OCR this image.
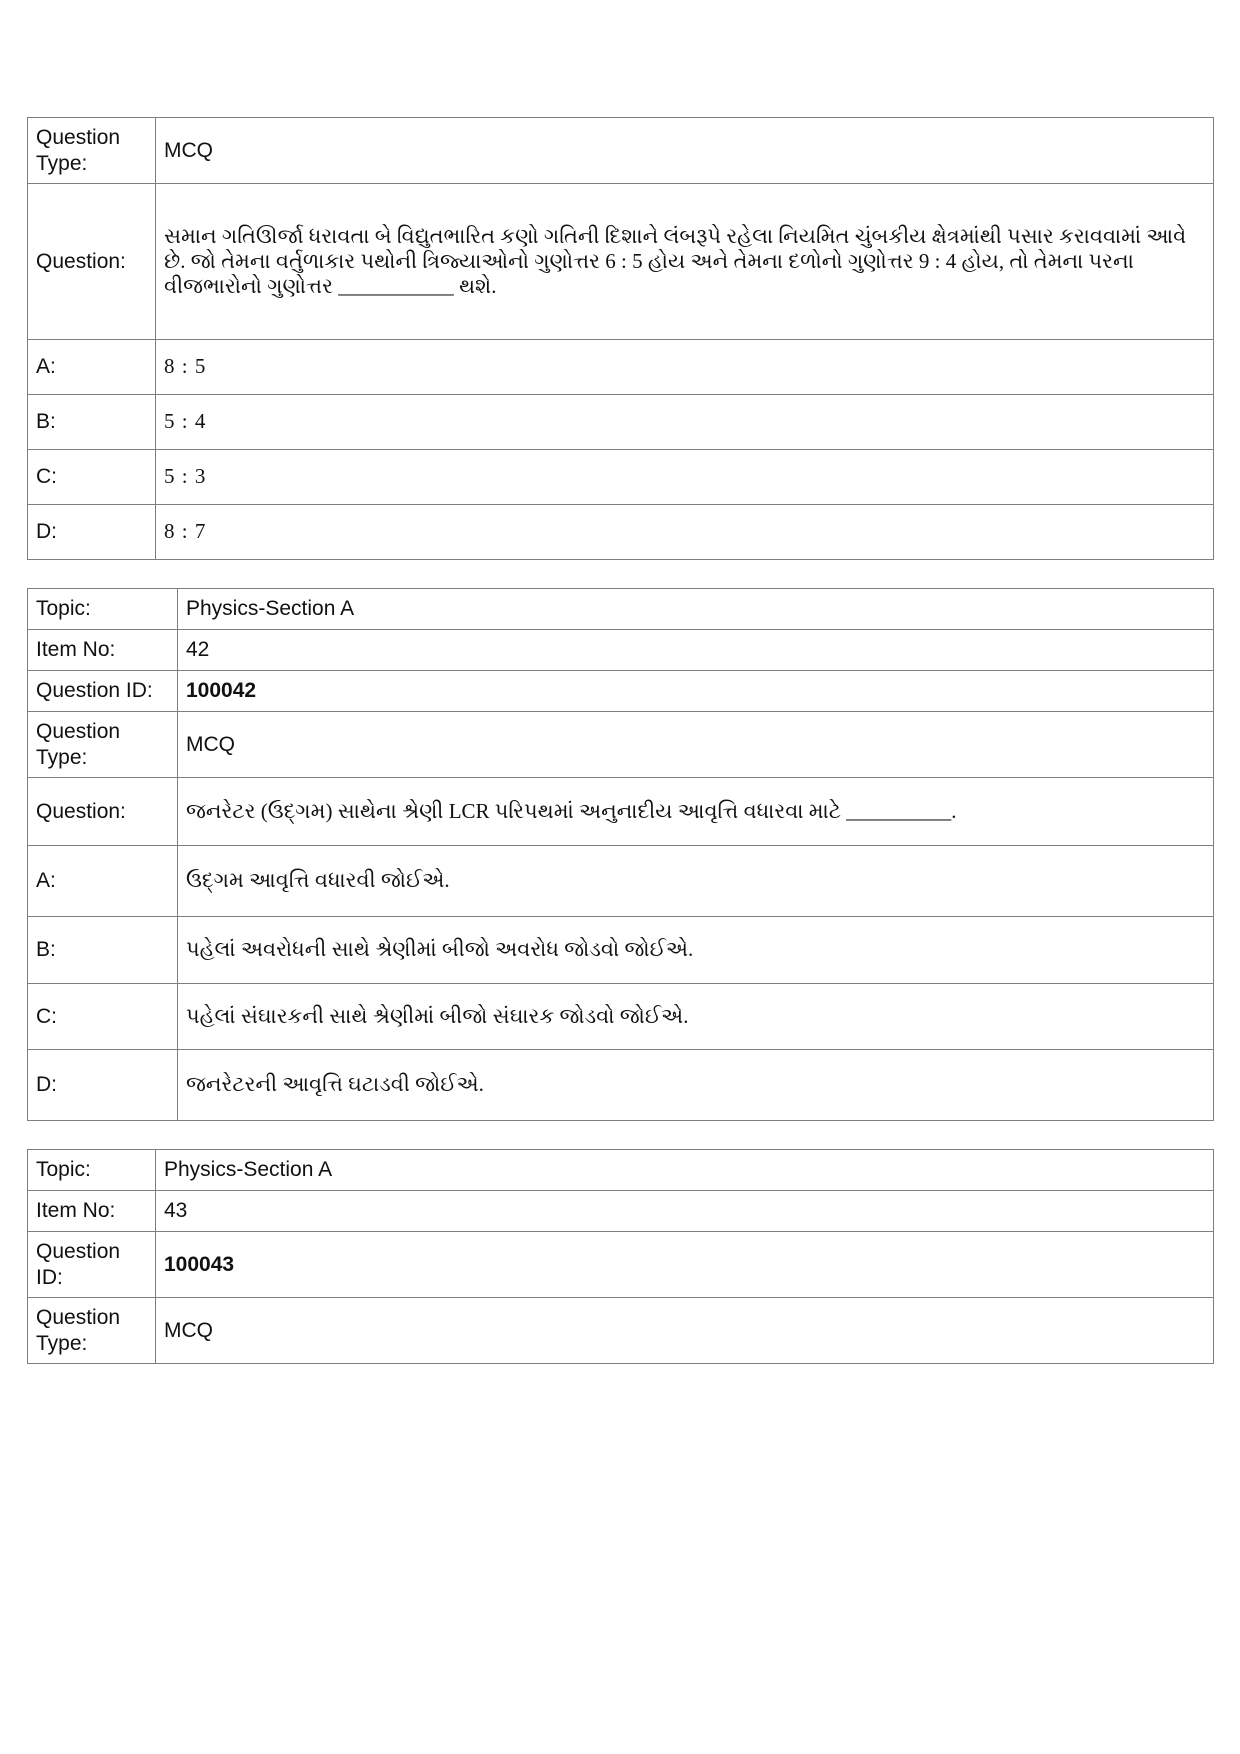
Question Type:	MCQ
Question:	સમાન ગતિઊર્જા ધરાવતા બે વિદ્યુતભારિત કણો ગતિની દિશાને લંબરૂપે રહેલા નિયમિત ચુંબકીય ક્ષેત્રમાંથી પસાર કરાવવામાં આવે છે. જો તેમના વર્તુળાકાર પથોની ત્રિજ્યાઓનો ગુણોત્તર 6 : 5 હોય અને તેમના દળોનો ગુણોત્તર 9 : 4 હોય, તો તેમના પરના વીજભારોનો ગુણોત્તર ___________ થશે.
A:	8 : 5
B:	5 : 4
C:	5 : 3
D:	8 : 7
Topic:	Physics-Section A
Item No:	42
Question ID:	100042
Question Type:	MCQ
Question:	જનરેટર (ઉદ્ગમ) સાથેના શ્રેણી LCR પરિપથમાં અનુનાદીય આવૃત્તિ વધારવા માટે __________.
A:	ઉદ્ગમ આવૃત્તિ વધારવી જોઈએ.
B:	પહેલાં અવરોધની સાથે શ્રેણીમાં બીજો અવરોધ જોડવો જોઈએ.
C:	પહેલાં સંઘારકની સાથે શ્રેણીમાં બીજો સંઘારક જોડવો જોઈએ.
D:	જનરેટરની આવૃત્તિ ઘટાડવી જોઈએ.
Topic:	Physics-Section A
Item No:	43
Question ID:	100043
Question Type:	MCQ
